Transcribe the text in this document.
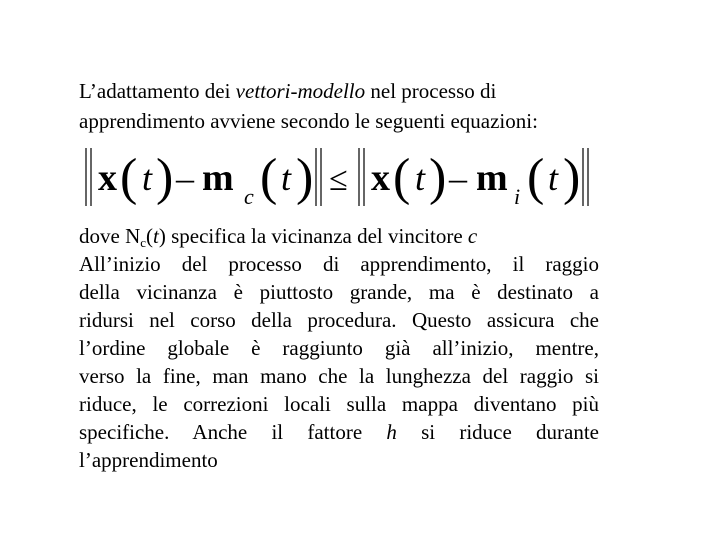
L’adattamento dei vettori-modello nel processo di
apprendimento avviene secondo le seguenti equazioni:
x ( t ) – m c ( t ) ≤ x ( t ) – m i ( t )
dove $N_c(t)$ specifica la vicinanza del vincitore c
All’inizio del processo di apprendimento, il raggio
della vicinanza è piuttosto grande, ma è destinato a
ridursi nel corso della procedura. Questo assicura che
l’ordine globale è raggiunto già all’inizio, mentre,
verso la fine, man mano che la lunghezza del raggio si
riduce, le correzioni locali sulla mappa diventano più
specifiche. Anche il fattore h si riduce durante
l’apprendimento
